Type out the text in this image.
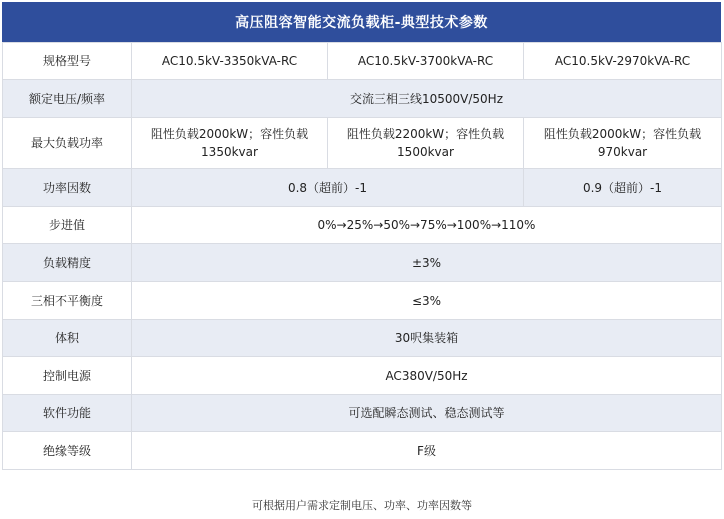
高压阻容智能交流负载柜-典型技术参数
规格型号	AC10.5kV-3350kVA-RC	AC10.5kV-3700kVA-RC	AC10.5kV-2970kVA-RC
额定电压/频率	交流三相三线10500V/50Hz		
最大负载功率	阻性负载2000kW；容性负载1350kvar	阻性负载2200kW；容性负载1500kvar	阻性负载2000kW；容性负载970kvar
功率因数	0.8（超前）-1		0.9（超前）-1
步进值	0%→25%→50%→75%→100%→110%		
负载精度	±3%		
三相不平衡度	≤3%		
体积	30呎集装箱		
控制电源	AC380V/50Hz		
软件功能	可选配瞬态测试、稳态测试等		
绝缘等级	F级		
可根据用户需求定制电压、功率、功率因数等
